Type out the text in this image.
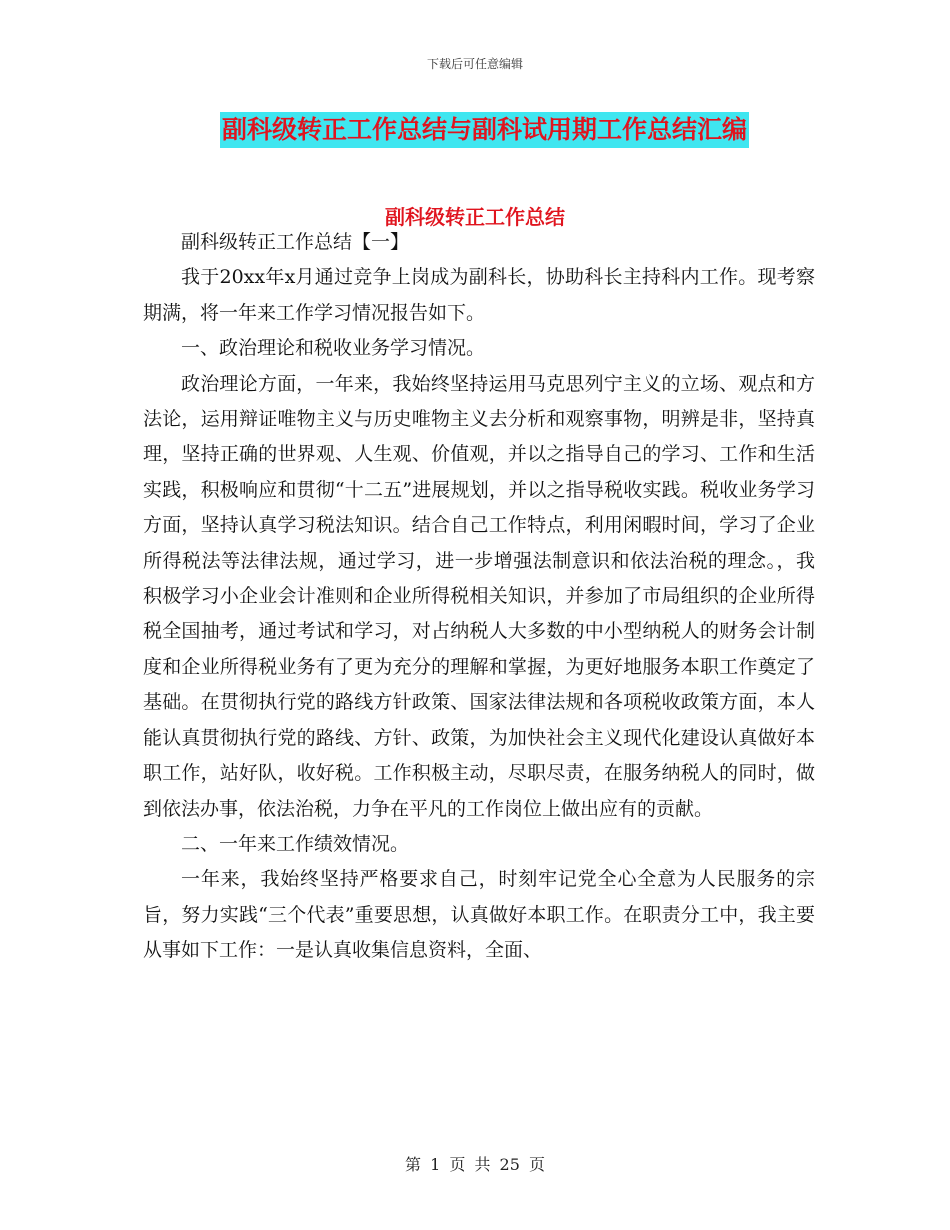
下载后可任意编辑
副科级转正工作总结与副科试用期工作总结汇编
副科级转正工作总结

副科级转正工作总结【一】

我于20xx年x月通过竞争上岗成为副科长，协助科长主持科内工作。现考察期满，将一年来工作学习情况报告如下。

一、政治理论和税收业务学习情况。

政治理论方面，一年来，我始终坚持运用马克思列宁主义的立场、观点和方法论，运用辩证唯物主义与历史唯物主义去分析和观察事物，明辨是非，坚持真理，坚持正确的世界观、人生观、价值观，并以之指导自己的学习、工作和生活实践，积极响应和贯彻“十二五”进展规划，并以之指导税收实践。税收业务学习方面，坚持认真学习税法知识。结合自己工作特点，利用闲暇时间，学习了企业所得税法等法律法规，通过学习，进一步增强法制意识和依法治税的理念。，我积极学习小企业会计准则和企业所得税相关知识，并参加了市局组织的企业所得税全国抽考，通过考试和学习，对占纳税人大多数的中小型纳税人的财务会计制度和企业所得税业务有了更为充分的理解和掌握，为更好地服务本职工作奠定了基础。在贯彻执行党的路线方针政策、国家法律法规和各项税收政策方面，本人能认真贯彻执行党的路线、方针、政策，为加快社会主义现代化建设认真做好本职工作，站好队，收好税。工作积极主动，尽职尽责，在服务纳税人的同时，做到依法办事，依法治税，力争在平凡的工作岗位上做出应有的贡献。

二、一年来工作绩效情况。

一年来，我始终坚持严格要求自己，时刻牢记党全心全意为人民服务的宗旨，努力实践“三个代表”重要思想，认真做好本职工作。在职责分工中，我主要从事如下工作：一是认真收集信息资料，全面、

第 1 页 共 25 页
